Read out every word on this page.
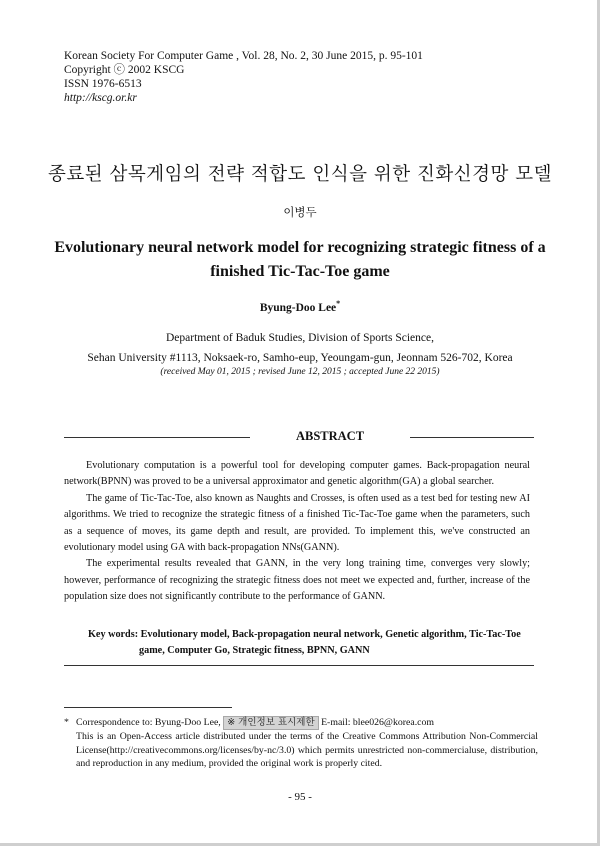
Korean Society For Computer Game , Vol. 28, No. 2, 30 June 2015, p. 95-101
Copyright ⓒ 2002 KSCG
ISSN 1976-6513
http://kscg.or.kr
종료된 삼목게임의 전략 적합도 인식을 위한 진화신경망 모델
이병두
Evolutionary neural network model for recognizing strategic fitness of a finished Tic-Tac-Toe game
Byung-Doo Lee*
Department of Baduk Studies, Division of Sports Science,
Sehan University #1113, Noksaek-ro, Samho-eup, Yeoungam-gun, Jeonnam 526-702, Korea
(received May 01, 2015 ; revised June 12, 2015 ; accepted June 22 2015)
ABSTRACT

Evolutionary computation is a powerful tool for developing computer games. Back-propagation neural network(BPNN) was proved to be a universal approximator and genetic algorithm(GA) a global searcher.

The game of Tic-Tac-Toe, also known as Naughts and Crosses, is often used as a test bed for testing new AI algorithms. We tried to recognize the strategic fitness of a finished Tic-Tac-Toe game when the parameters, such as a sequence of moves, its game depth and result, are provided. To implement this, we've constructed an evolutionary model using GA with back-propagation NNs(GANN).

The experimental results revealed that GANN, in the very long training time, converges very slowly; however, performance of recognizing the strategic fitness does not meet we expected and, further, increase of the population size does not significantly contribute to the performance of GANN.

Key words: Evolutionary model, Back-propagation neural network, Genetic algorithm, Tic-Tac-Toe
game, Computer Go, Strategic fitness, BPNN, GANN
* Correspondence to: Byung-Doo Lee, ※ 개인정보 표시제한 E-mail: blee026@korea.com
This is an Open-Access article distributed under the terms of the Creative Commons Attribution Non-Commercial License(http://creativecommons.org/licenses/by-nc/3.0) which permits unrestricted non-commercialuse, distribution, and reproduction in any medium, provided the original work is properly cited.
- 95 -
